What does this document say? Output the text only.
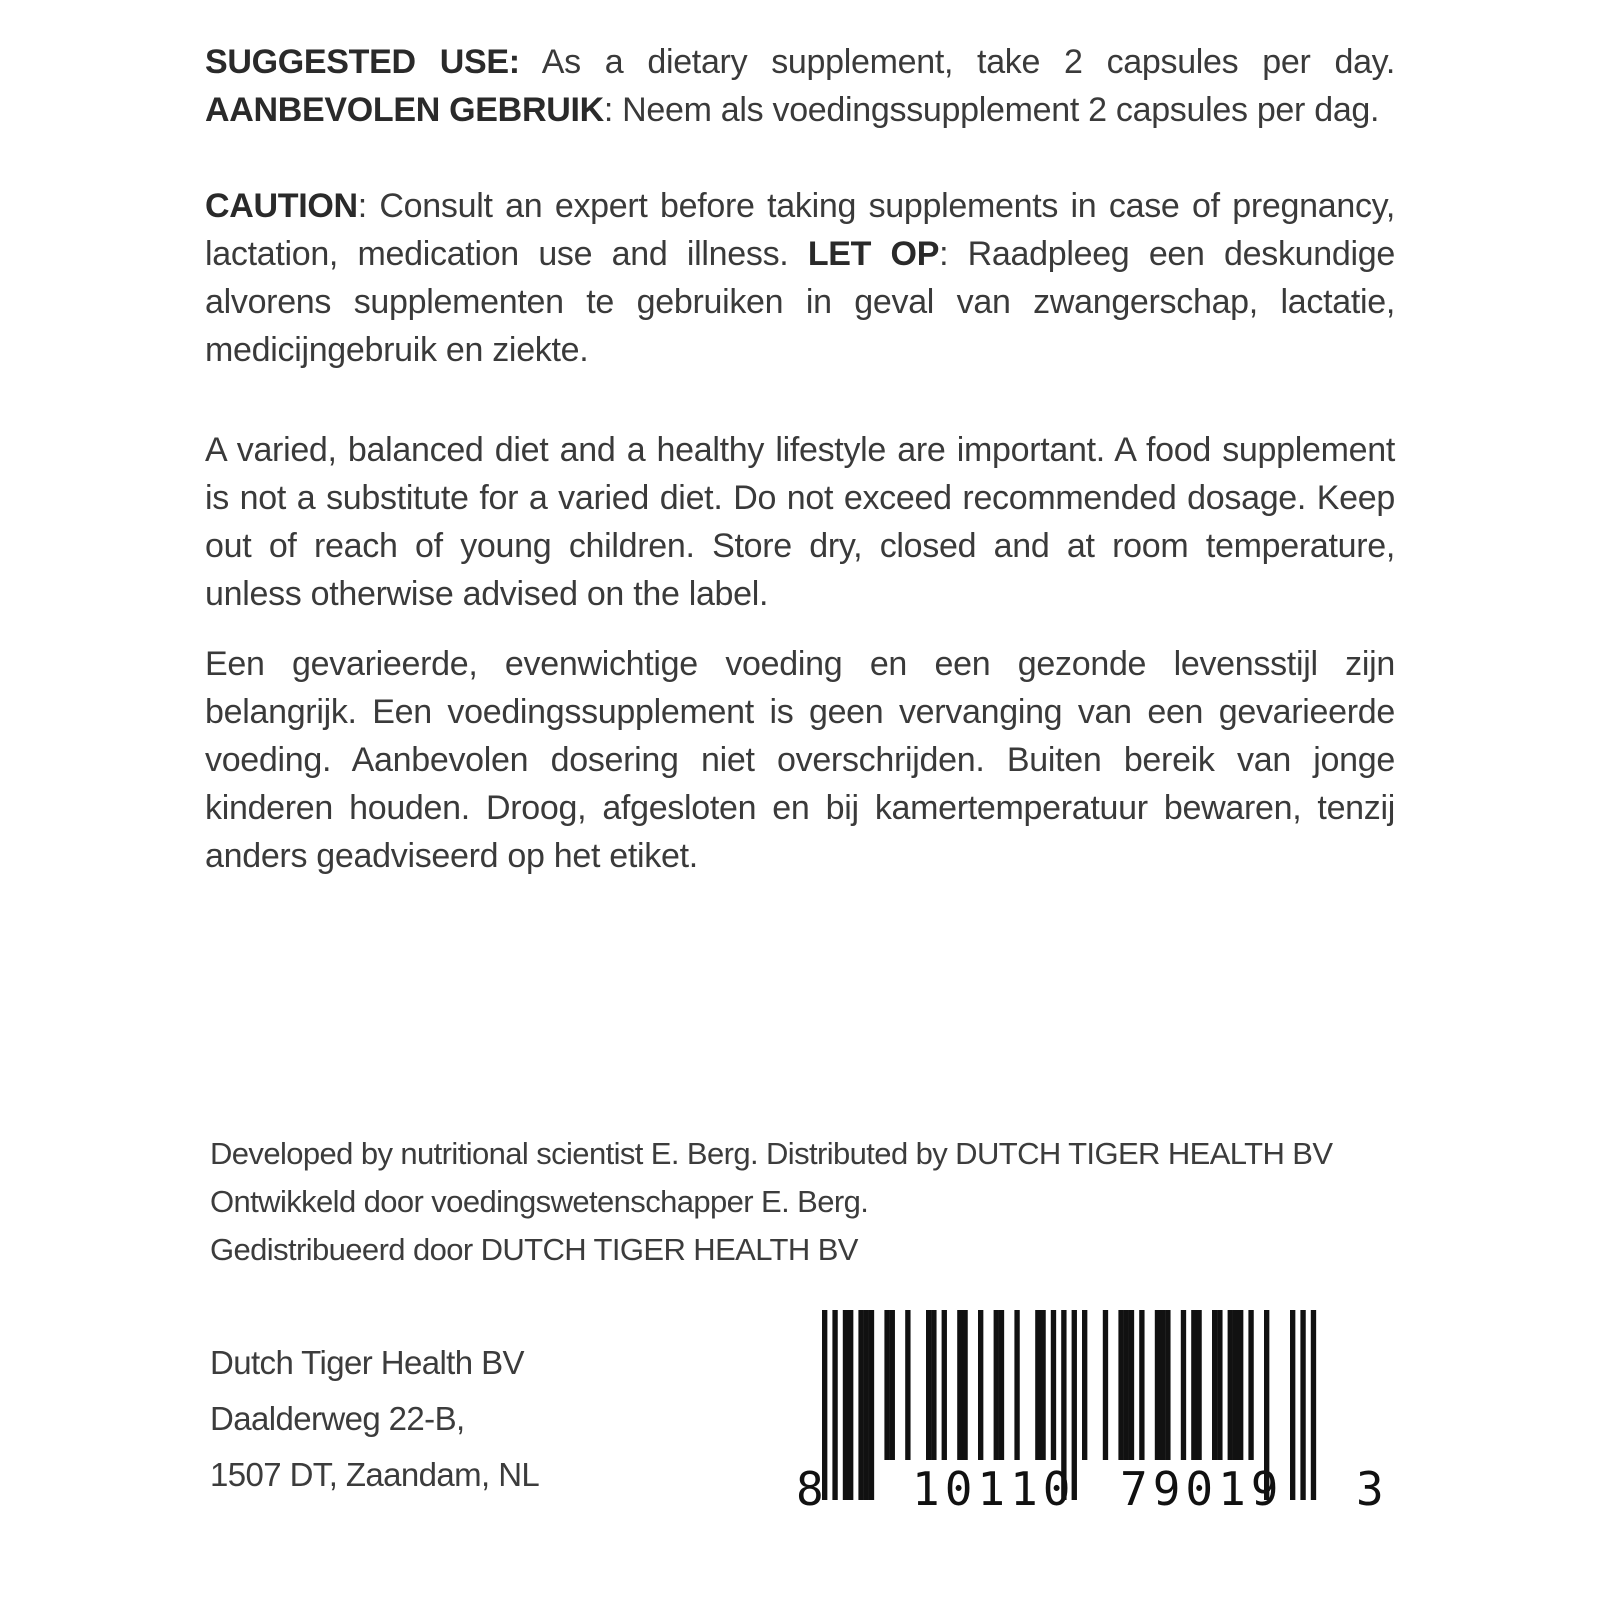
SUGGESTED USE: As a dietary supplement, take 2 capsules per day. AANBEVOLEN GEBRUIK: Neem als voedingssupplement 2 capsules per dag.

CAUTION: Consult an expert before taking supplements in case of pregnancy, lactation, medication use and illness. LET OP: Raadpleeg een deskundige alvorens supplementen te gebruiken in geval van zwangerschap, lactatie, medicijngebruik en ziekte.

A varied, balanced diet and a healthy lifestyle are important. A food supplement is not a substitute for a varied diet. Do not exceed recommended dosage. Keep out of reach of young children. Store dry, closed and at room temperature, unless otherwise advised on the label.

Een gevarieerde, evenwichtige voeding en een gezonde levensstijl zijn belangrijk. Een voedingssupplement is geen vervanging van een gevarieerde voeding. Aanbevolen dosering niet overschrijden. Buiten bereik van jonge kinderen houden. Droog, afgesloten en bij kamertemperatuur bewaren, tenzij anders geadviseerd op het etiket.

Developed by nutritional scientist E. Berg. Distributed by DUTCH TIGER HEALTH BV
Ontwikkeld door voedingswetenschapper E. Berg.
Gedistribueerd door DUTCH TIGER HEALTH BV
Dutch Tiger Health BV
Daalderweg 22-B,
1507 DT, Zaandam, NL	8 10110 79019 3
